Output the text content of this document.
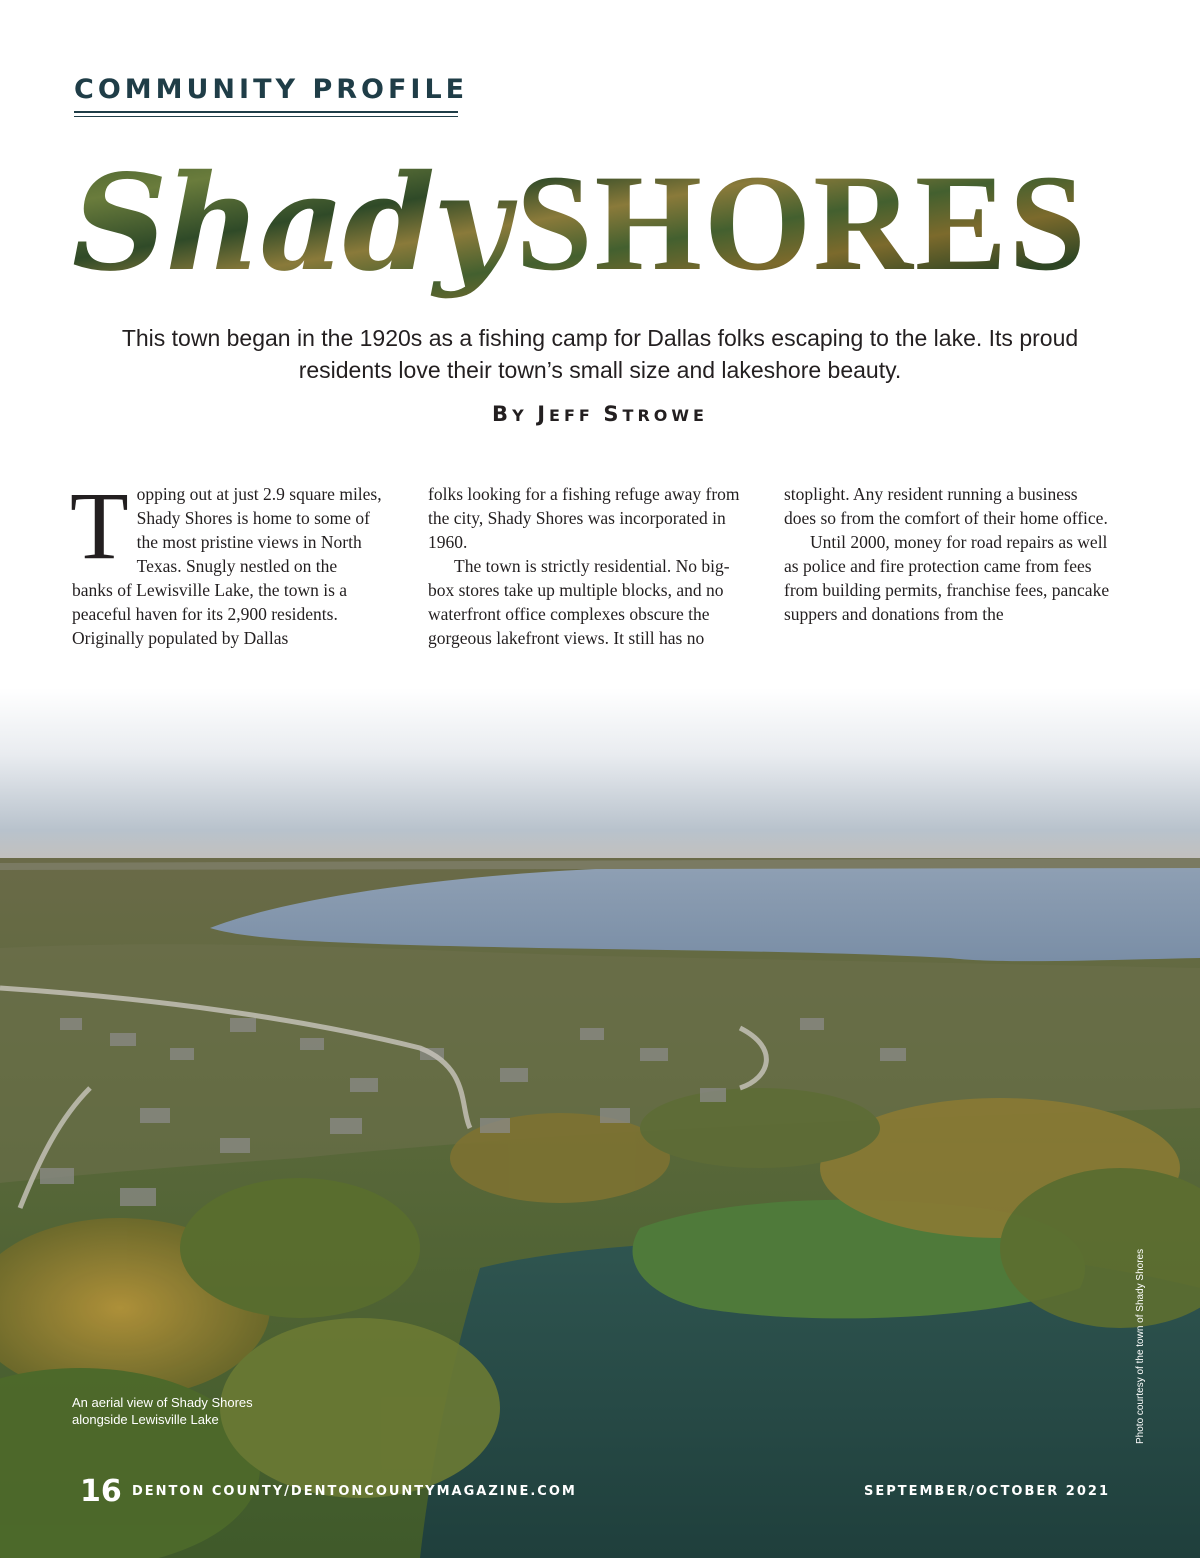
COMMUNITY PROFILE
Shady SHORES

This town began in the 1920s as a fishing camp for Dallas folks escaping to the lake. Its proud residents love their town’s small size and lakeshore beauty.

BY JEFF STROWE

Topping out at just 2.9 square miles, Shady Shores is home to some of the most pristine views in North Texas. Snugly nestled on the banks of Lewisville Lake, the town is a peaceful haven for its 2,900 residents. Originally populated by Dallas
folks looking for a fishing refuge away from the city, Shady Shores was incorporated in 1960.
The town is strictly residential. No big-box stores take up multiple blocks, and no waterfront office complexes obscure the gorgeous lakefront views. It still has no
stoplight. Any resident running a business does so from the comfort of their home office.
Until 2000, money for road repairs as well as police and fire protection came from fees from building permits, franchise fees, pancake suppers and donations from the

An aerial view of Shady Shores alongside Lewisville Lake	Photo courtesy of the town of Shady Shores

16 DENTON COUNTY/DENTONCOUNTYMAGAZINE.COM	SEPTEMBER/OCTOBER 2021
